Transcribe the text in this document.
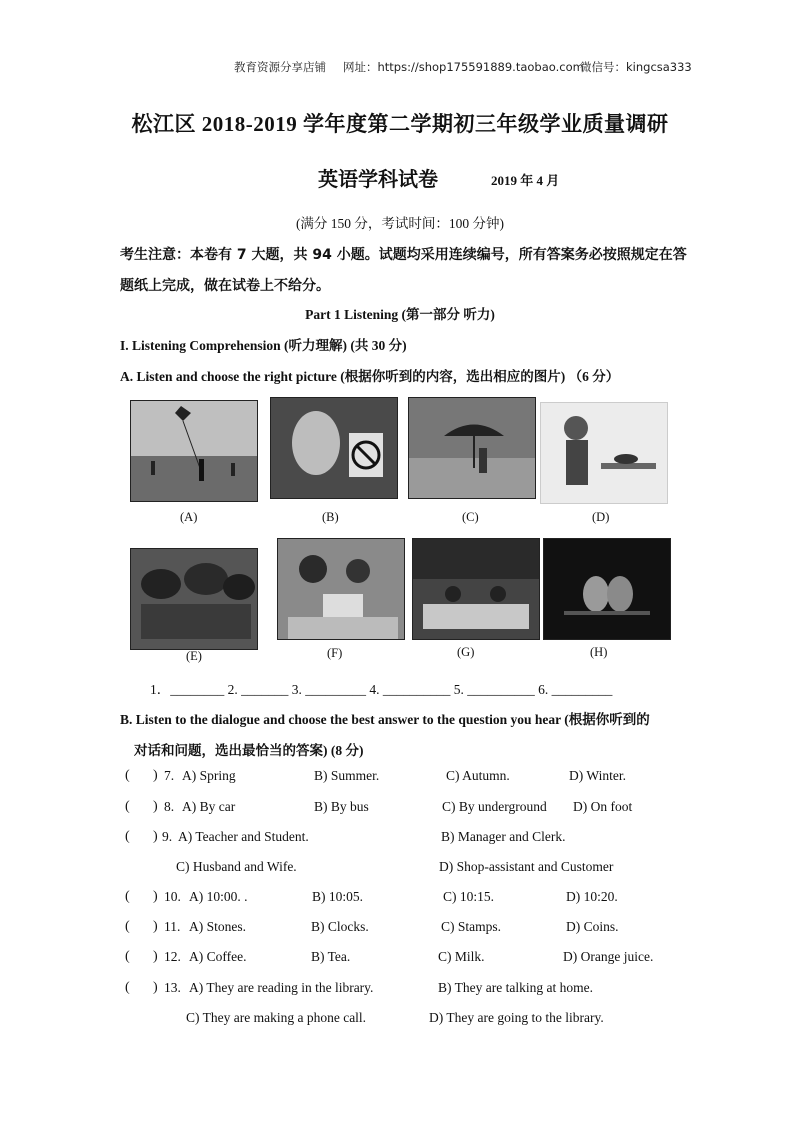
教育资源分享店铺 网址：https://shop175591889.taobao.com
微信号：kingcsa333
松江区 2018-2019 学年度第二学期初三年级学业质量调研
英语学科试卷	2019 年 4 月
(满分 150 分，考试时间：100 分钟)
考生注意：本卷有 7 大题，共 94 小题。试题均采用连续编号，所有答案务必按照规定在答
题纸上完成，做在试卷上不给分。
Part 1 Listening (第一部分 听力)
I. Listening Comprehension (听力理解) (共 30 分)
A. Listen and choose the right picture (根据你听到的内容，选出相应的图片) （6 分）
(A)	(B)	(C)	(D)
(E)	(F)	(G)	(H)
1．________ 2. _______ 3. _________ 4. __________ 5. __________ 6. _________
B. Listen to the dialogue and choose the best answer to the question you hear (根据你听到的
对话和问题，选出最恰当的答案) (8 分)
( ) 7. A) Spring	B) Summer.	C) Autumn.	D) Winter.
( ) 8. A) By car	B) By bus	C) By underground D) On foot
( ) 9. A) Teacher and Student.	B) Manager and Clerk.
C) Husband and Wife.	D) Shop-assistant and Customer
( ) 10. A) 10:00. .	B) 10:05.	C) 10:15.	D) 10:20.
( ) 11. A) Stones.	B) Clocks.	C) Stamps.	D) Coins.
( ) 12. A) Coffee.	B) Tea.	C) Milk.	D) Orange juice.
( ) 13. A) They are reading in the library.	B) They are talking at home.
C) They are making a phone call.	D) They are going to the library.
